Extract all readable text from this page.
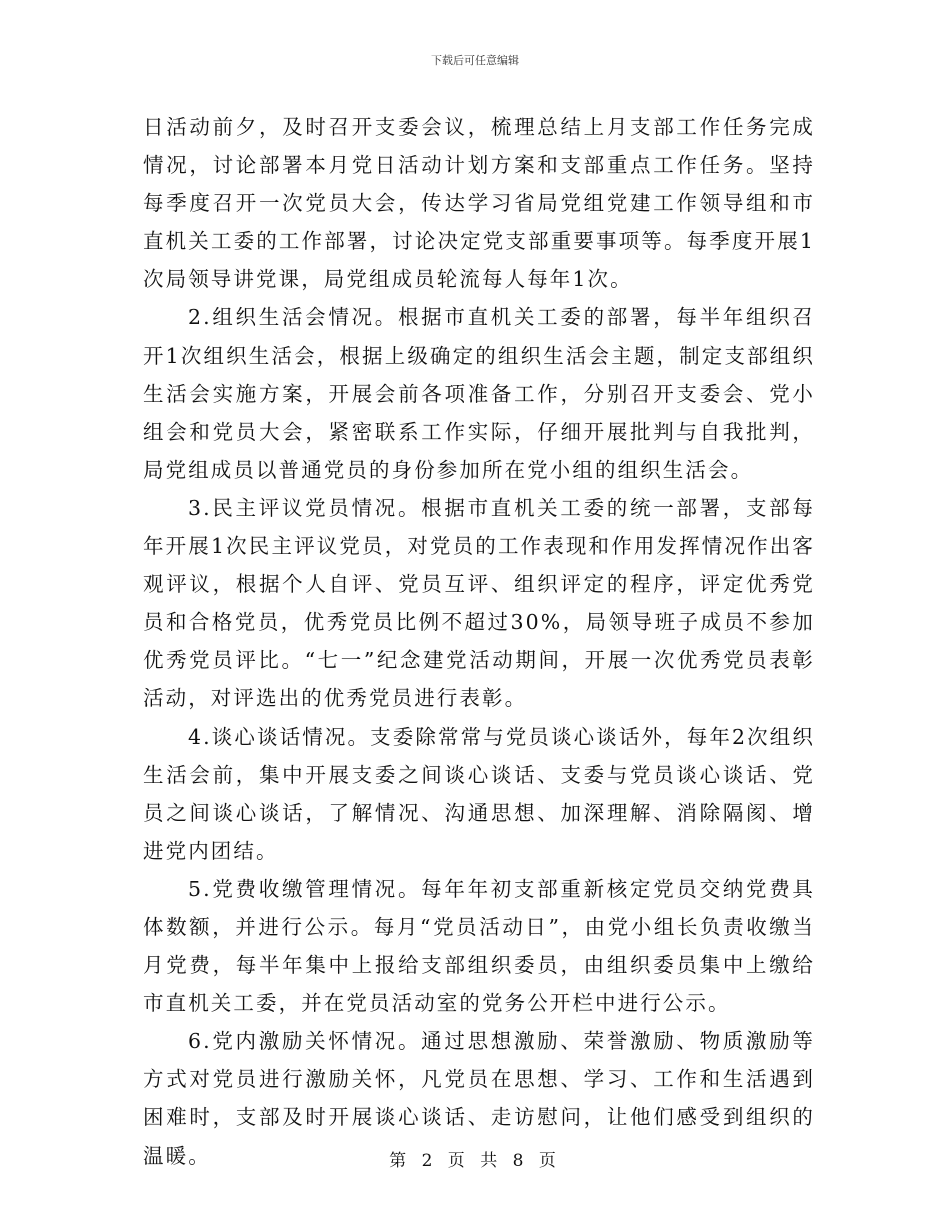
下载后可任意编辑

日活动前夕，及时召开支委会议，梳理总结上月支部工作任务完成情况，讨论部署本月党日活动计划方案和支部重点工作任务。坚持每季度召开一次党员大会，传达学习省局党组党建工作领导组和市直机关工委的工作部署，讨论决定党支部重要事项等。每季度开展1次局领导讲党课，局党组成员轮流每人每年1次。

2.组织生活会情况。根据市直机关工委的部署，每半年组织召开1次组织生活会，根据上级确定的组织生活会主题，制定支部组织生活会实施方案，开展会前各项准备工作，分别召开支委会、党小组会和党员大会，紧密联系工作实际，仔细开展批判与自我批判，局党组成员以普通党员的身份参加所在党小组的组织生活会。

3.民主评议党员情况。根据市直机关工委的统一部署，支部每年开展1次民主评议党员，对党员的工作表现和作用发挥情况作出客观评议，根据个人自评、党员互评、组织评定的程序，评定优秀党员和合格党员，优秀党员比例不超过30%，局领导班子成员不参加优秀党员评比。“七一”纪念建党活动期间，开展一次优秀党员表彰活动，对评选出的优秀党员进行表彰。

4.谈心谈话情况。支委除常常与党员谈心谈话外，每年2次组织生活会前，集中开展支委之间谈心谈话、支委与党员谈心谈话、党员之间谈心谈话，了解情况、沟通思想、加深理解、消除隔阂、增进党内团结。

5.党费收缴管理情况。每年年初支部重新核定党员交纳党费具体数额，并进行公示。每月“党员活动日”，由党小组长负责收缴当月党费，每半年集中上报给支部组织委员，由组织委员集中上缴给市直机关工委，并在党员活动室的党务公开栏中进行公示。

6.党内激励关怀情况。通过思想激励、荣誉激励、物质激励等方式对党员进行激励关怀，凡党员在思想、学习、工作和生活遇到困难时，支部及时开展谈心谈话、走访慰问，让他们感受到组织的温暖。	第 2 页 共 8 页
